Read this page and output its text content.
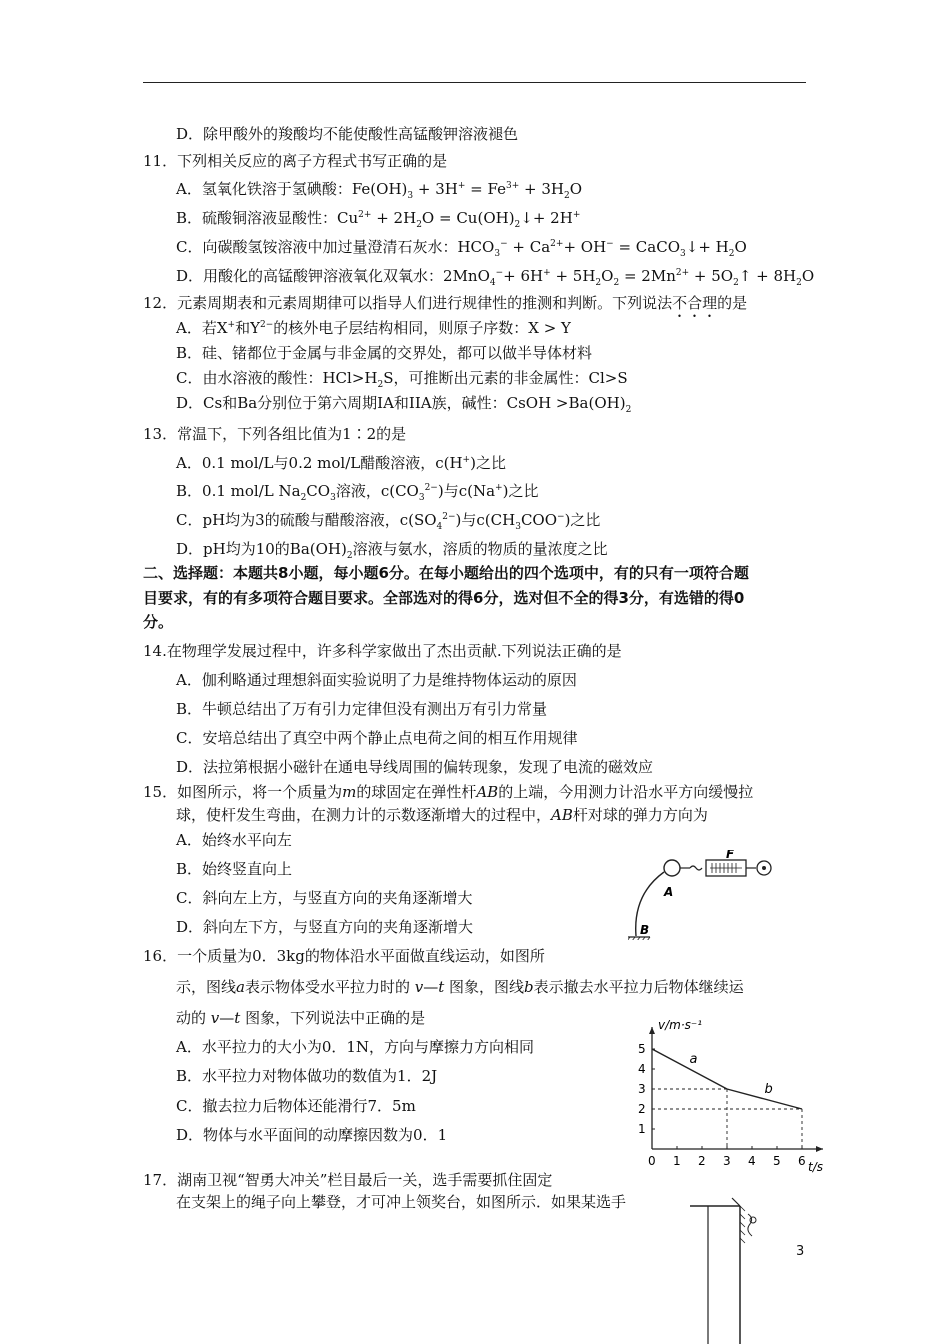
D．除甲酸外的羧酸均不能使酸性高锰酸钾溶液褪色
11．下列相关反应的离子方程式书写正确的是
A．氢氧化铁溶于氢碘酸：$Fe(OH)_3 + 3H^+ = Fe^{3+} + 3H_2O$
B．硫酸铜溶液显酸性：$Cu^{2+} + 2H_2O$ = $Cu(OH)_2↓+ 2H^+$
C．向碳酸氢铵溶液中加过量澄清石灰水：$HCO_3^- + Ca^{2+}+ OH^-$ = CaCO$_3$↓+ $H_2O$
D．用酸化的高锰酸钾溶液氧化双氧水：$2MnO_4^-+ 6H^+ + 5H_2O_2 = 2Mn^{2+}$ + $5O_2↑ + 8H_2O$
12．元素周期表和元素周期律可以指导人们进行规律性的推测和判断。下列说法不合理的是
A．若X+和$Y^{2-}$的核外电子层结构相同，则原子序数：X > Y
B．硅、锗都位于金属与非金属的交界处，都可以做半导体材料
C．由水溶液的酸性：$HCl>H_2S$，可推断出元素的非金属性：Cl>S
D．Cs和Ba分别位于第六周期IA和IIA族，碱性：CsOH $>Ba(OH)_2$
13．常温下，下列各组比值为1∶2的是
A．0.1 mol/L与0.2 mol/L醋酸溶液，c(H+)之比
B．0.1 mol/L $Na_2CO_3$溶液，$c(CO_3^{2-})$与c(Na+)之比
C．pH均为3的硫酸与醋酸溶液，$c(SO_4^{2-})$与$c(CH_3COO^-)$之比
D．pH均为10的$Ba(OH)_2$溶液与氨水，溶质的物质的量浓度之比
二、选择题：本题共8小题，每小题6分。在每小题给出的四个选项中，有的只有一项符合题
目要求，有的有多项符合题目要求。全部选对的得6分，选对但不全的得3分，有选错的得0
分。
14.在物理学发展过程中，许多科学家做出了杰出贡献.下列说法正确的是
A．伽利略通过理想斜面实验说明了力是维持物体运动的原因
B．牛顿总结出了万有引力定律但没有测出万有引力常量
C．安培总结出了真空中两个静止点电荷之间的相互作用规律
D．法拉第根据小磁针在通电导线周围的偏转现象，发现了电流的磁效应
15．如图所示，将一个质量为m的球固定在弹性杆AB的上端，今用测力计沿水平方向缓慢拉
球，使杆发生弯曲，在测力计的示数逐渐增大的过程中，AB杆对球的弹力方向为
A．始终水平向左
B．始终竖直向上
C．斜向左上方，与竖直方向的夹角逐渐增大
D．斜向左下方，与竖直方向的夹角逐渐增大
16．一个质量为0．3kg的物体沿水平面做直线运动，如图所
示，图线a表示物体受水平拉力时的 v—t 图象，图线b表示撤去水平拉力后物体继续运
动的 v—t 图象，下列说法中正确的是
A．水平拉力的大小为0．1N，方向与摩擦力方向相同
B．水平拉力对物体做功的数值为1．2J
C．撤去拉力后物体还能滑行7．5m
D．物体与水平面间的动摩擦因数为0．1
17．湖南卫视“智勇大冲关”栏目最后一关，选手需要抓住固定
在支架上的绳子向上攀登，才可冲上领奖台，如图所示．如果某选手
F
A
B
a
b
0 1 2 3 4 5 6
1
2
3
4
5
v/m·s⁻¹
t/s
3
